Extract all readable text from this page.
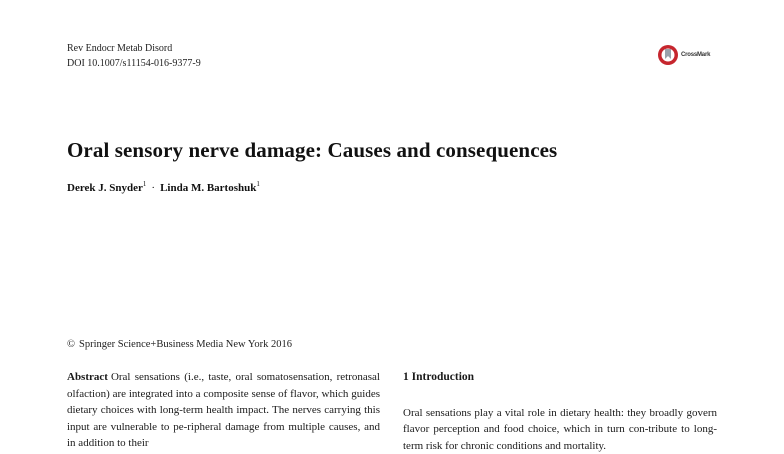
Rev Endocr Metab Disord
DOI 10.1007/s11154-016-9377-9
CrossMark
Oral sensory nerve damage: Causes and consequences
Derek J. Snyder$^1$ · Linda M. Bartoshuk$^1$
© Springer Science+Business Media New York 2016

Abstract Oral sensations (i.e., taste, oral somatosensation, retronasal olfaction) are integrated into a composite sense of flavor, which guides dietary choices with long-term health impact. The nerves carrying this input are vulnerable to pe-ripheral damage from multiple causes, and in addition to their

1 Introduction

Oral sensations play a vital role in dietary health: they broadly govern flavor perception and food choice, which in turn con-tribute to long-term risk for chronic conditions and mortality.
